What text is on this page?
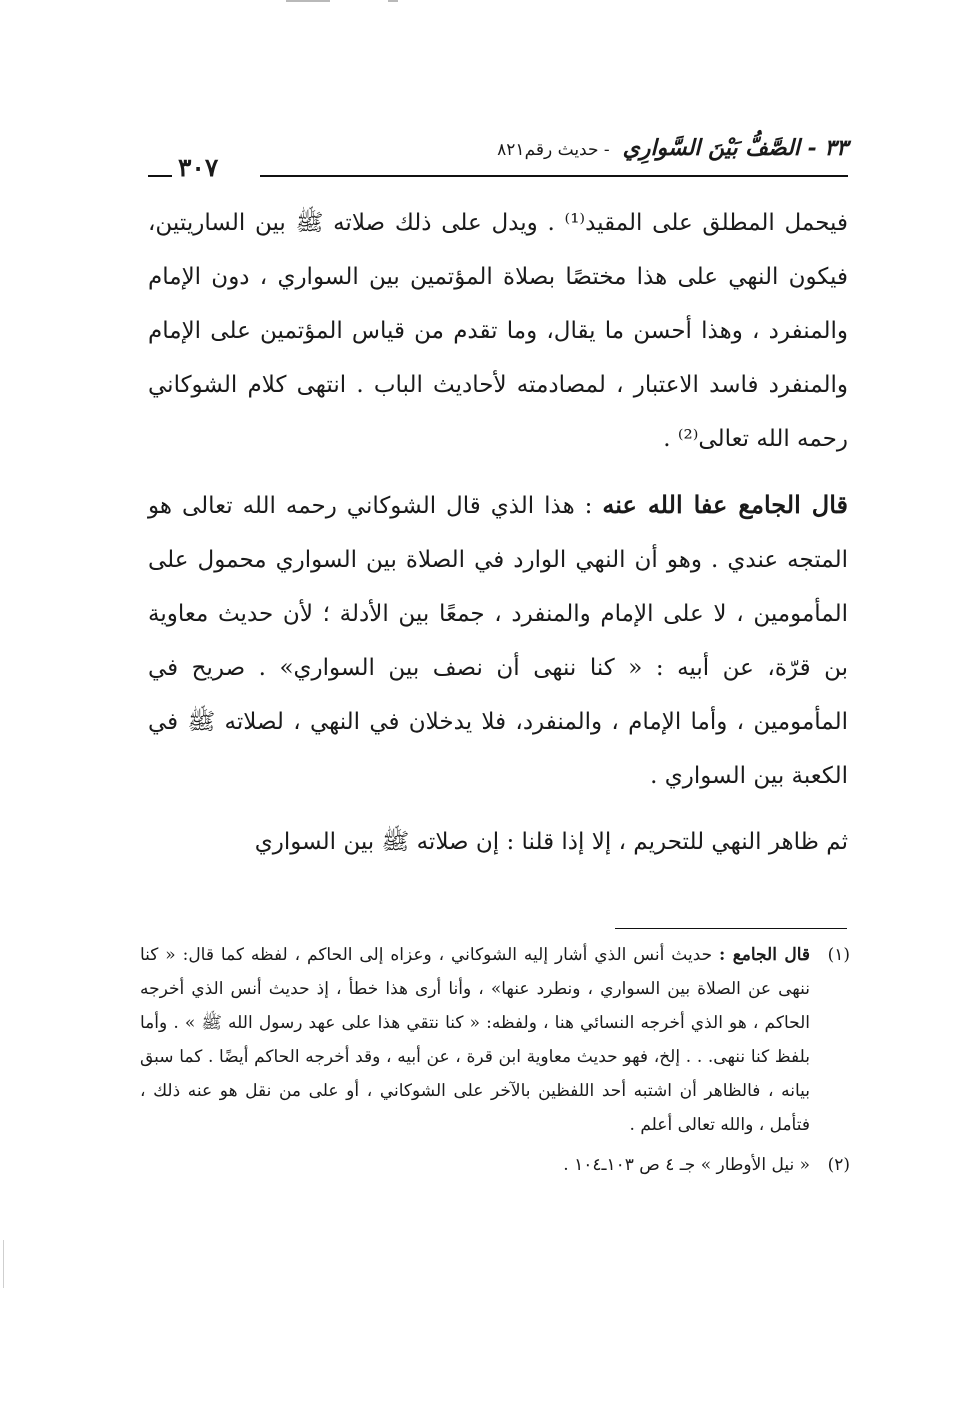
٣٣ - الصَّفُّ بَيْنَ السَّوارِي - حديث رقم٨٢١
٣٠٧

فيحمل المطلق على المقيد⁽¹⁾ . ويدل على ذلك صلاته ﷺ بين الساريتين، فيكون النهي على هذا مختصًا بصلاة المؤتمين بين السواري ، دون الإمام والمنفرد ، وهذا أحسن ما يقال، وما تقدم من قياس المؤتمين على الإمام والمنفرد فاسد الاعتبار ، لمصادمته لأحاديث الباب . انتهى كلام الشوكاني رحمه الله تعالى⁽²⁾ .

قال الجامع عفا الله عنه : هذا الذي قال الشوكاني رحمه الله تعالى هو المتجه عندي . وهو أن النهي الوارد في الصلاة بين السواري محمول على المأمومين ، لا على الإمام والمنفرد ، جمعًا بين الأدلة ؛ لأن حديث معاوية بن قرّة، عن أبيه : « كنا ننهى أن نصف بين السواري» . صريح في المأمومين ، وأما الإمام ، والمنفرد، فلا يدخلان في النهي ، لصلاته ﷺ في الكعبة بين السواري .

ثم ظاهر النهي للتحريم ، إلا إذا قلنا : إن صلاته ﷺ بين السواري

(١)
قال الجامع : حديث أنس الذي أشار إليه الشوكاني ، وعزاه إلى الحاكم ، لفظه كما قال: « كنا ننهى عن الصلاة بين السواري ، ونطرد عنها» ، وأنا أرى هذا خطأ ، إذ حديث أنس الذي أخرجه الحاكم ، هو الذي أخرجه النسائي هنا ، ولفظه: « كنا نتقي هذا على عهد رسول الله ﷺ » . وأما بلفظ كنا ننهى. . . إلخ، فهو حديث معاوية ابن قرة ، عن أبيه ، وقد أخرجه الحاكم أيضًا . كما سبق بيانه ، فالظاهر أن اشتبه أحد اللفظين بالآخر على الشوكاني ، أو على من نقل هو عنه ذلك ، فتأمل ، والله تعالى أعلم .
(٢)
« نيل الأوطار » جـ ٤ ص ١٠٣ـ١٠٤ .
